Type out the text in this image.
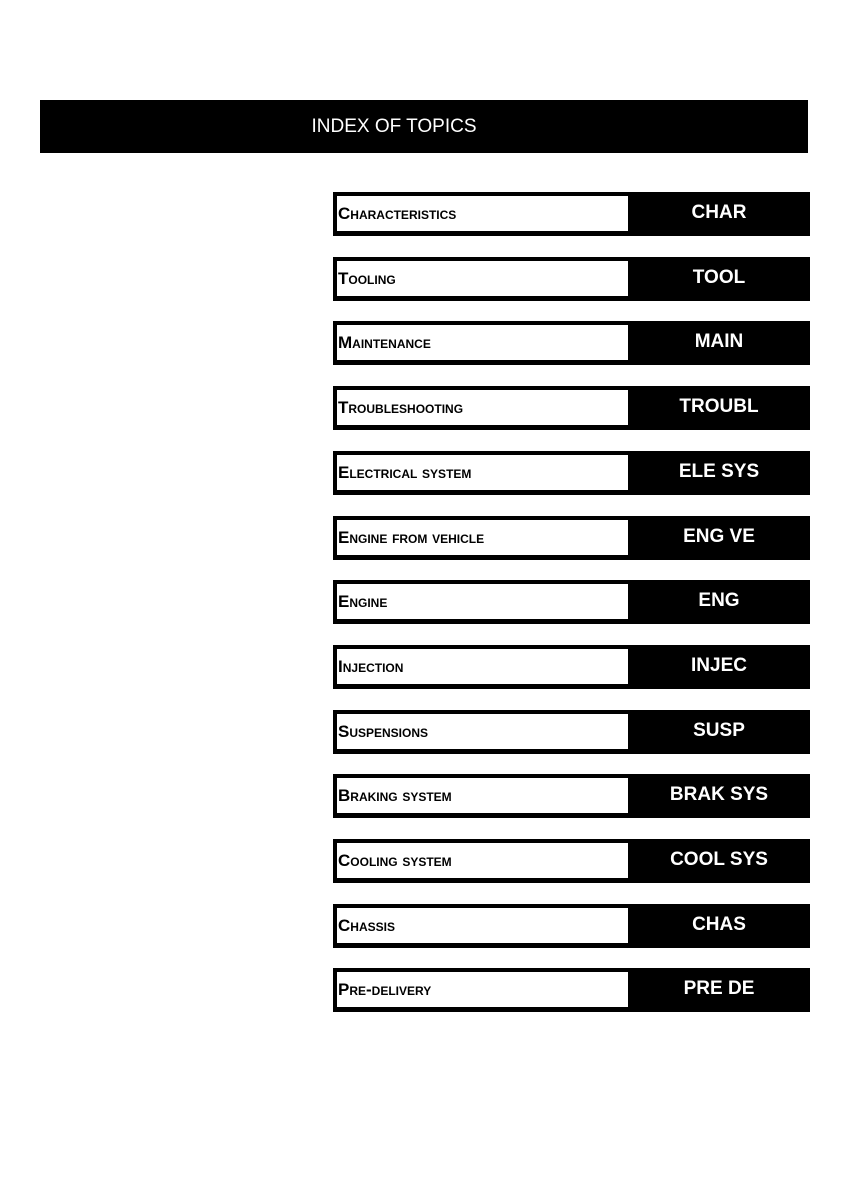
INDEX OF TOPICS
Characteristics	CHAR
Tooling	TOOL
Maintenance	MAIN
Troubleshooting	TROUBL
Electrical system	ELE SYS
Engine from vehicle	ENG VE
Engine	ENG
Injection	INJEC
Suspensions	SUSP
Braking system	BRAK SYS
Cooling system	COOL SYS
Chassis	CHAS
Pre-delivery	PRE DE
